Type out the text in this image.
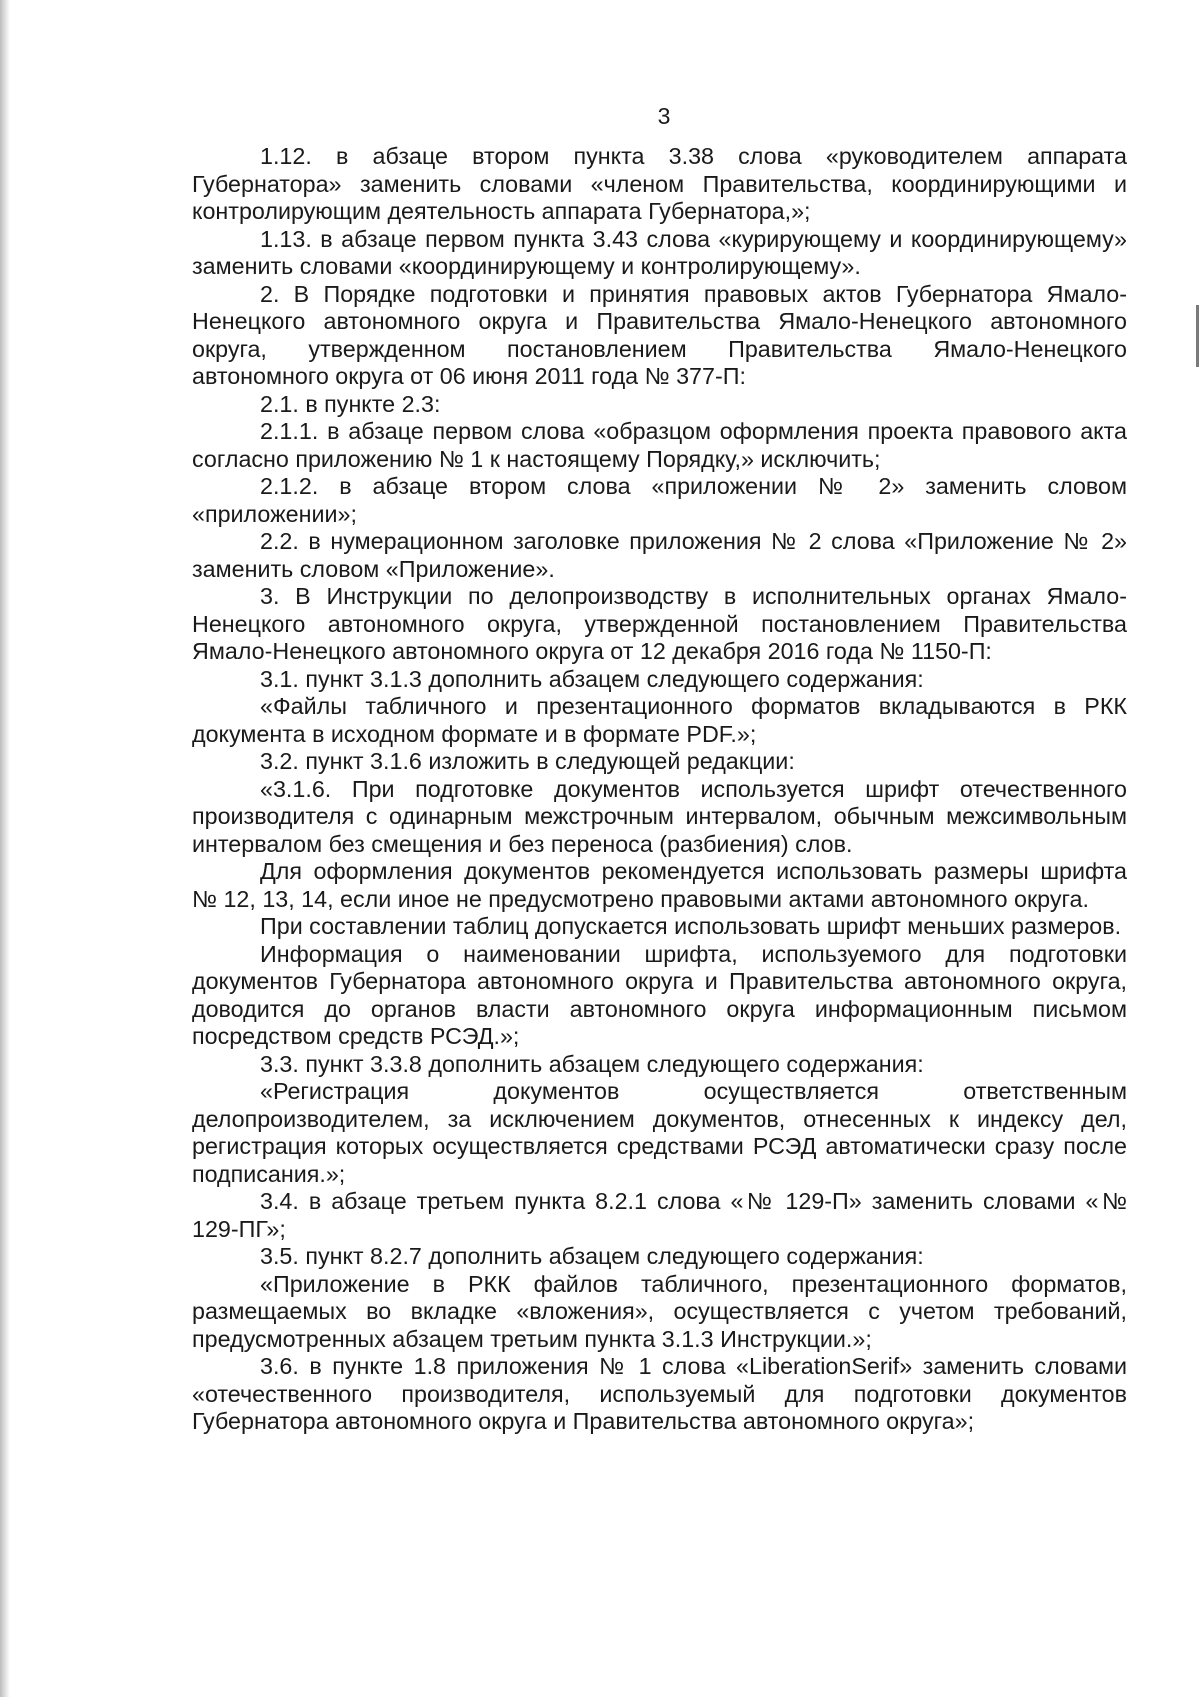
3

1.12. в абзаце втором пункта 3.38 слова «руководителем аппарата Губернатора» заменить словами «членом Правительства, координирующими и контролирующим деятельность аппарата Губернатора,»;

1.13. в абзаце первом пункта 3.43 слова «курирующему и координирующему» заменить словами «координирующему и контролирующему».

2. В Порядке подготовки и принятия правовых актов Губернатора Ямало-Ненецкого автономного округа и Правительства Ямало-Ненецкого автономного округа, утвержденном постановлением Правительства Ямало-Ненецкого автономного округа от 06 июня 2011 года № 377-П:

2.1. в пункте 2.3:

2.1.1. в абзаце первом слова «образцом оформления проекта правового акта согласно приложению № 1 к настоящему Порядку,» исключить;

2.1.2. в абзаце втором слова «приложении № 2» заменить словом «приложении»;

2.2. в нумерационном заголовке приложения № 2 слова «Приложение № 2» заменить словом «Приложение».

3. В Инструкции по делопроизводству в исполнительных органах Ямало-Ненецкого автономного округа, утвержденной постановлением Правительства Ямало-Ненецкого автономного округа от 12 декабря 2016 года № 1150-П:

3.1. пункт 3.1.3 дополнить абзацем следующего содержания:

«Файлы табличного и презентационного форматов вкладываются в РКК документа в исходном формате и в формате PDF.»;

3.2. пункт 3.1.6 изложить в следующей редакции:

«3.1.6. При подготовке документов используется шрифт отечественного производителя с одинарным межстрочным интервалом, обычным межсимвольным интервалом без смещения и без переноса (разбиения) слов.

Для оформления документов рекомендуется использовать размеры шрифта № 12, 13, 14, если иное не предусмотрено правовыми актами автономного округа.

При составлении таблиц допускается использовать шрифт меньших размеров.

Информация о наименовании шрифта, используемого для подготовки документов Губернатора автономного округа и Правительства автономного округа, доводится до органов власти автономного округа информационным письмом посредством средств РСЭД.»;

3.3. пункт 3.3.8 дополнить абзацем следующего содержания:

«Регистрация документов осуществляется ответственным делопроизводителем, за исключением документов, отнесенных к индексу дел, регистрация которых осуществляется средствами РСЭД автоматически сразу после подписания.»;

3.4. в абзаце третьем пункта 8.2.1 слова «№ 129-П» заменить словами «№ 129-ПГ»;

3.5. пункт 8.2.7 дополнить абзацем следующего содержания:

«Приложение в РКК файлов табличного, презентационного форматов, размещаемых во вкладке «вложения», осуществляется с учетом требований, предусмотренных абзацем третьим пункта 3.1.3 Инструкции.»;

3.6. в пункте 1.8 приложения № 1 слова «LiberationSerif» заменить словами «отечественного производителя, используемый для подготовки документов Губернатора автономного округа и Правительства автономного округа»;
